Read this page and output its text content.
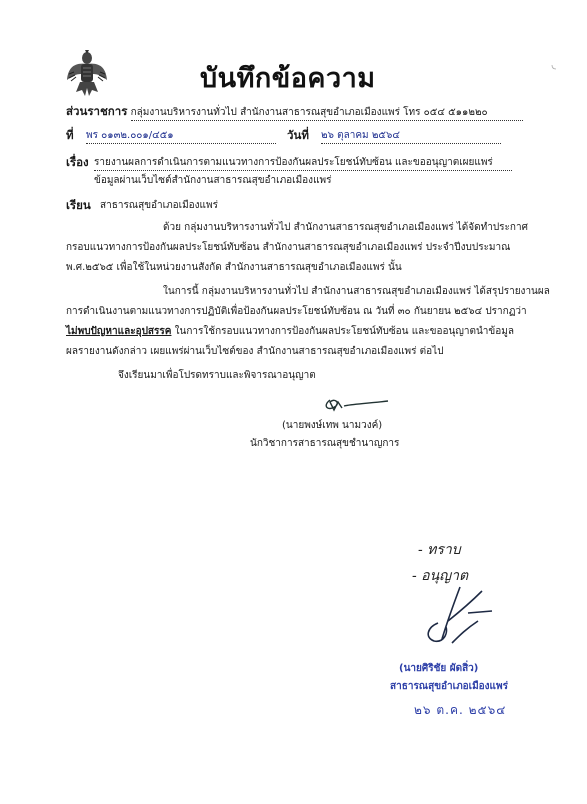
บันทึกข้อความ
ส่วนราชการ กลุ่มงานบริหารงานทั่วไป สำนักงานสาธารณสุขอำเภอเมืองแพร่ โทร ๐๕๔ ๕๑๑๒๒๐
ที่ พร ๐๑๓๒.๐๐๑/๔๕๑	วันที่ ๒๖ ตุลาคม ๒๕๖๔
เรื่อง รายงานผลการดำเนินการตามแนวทางการป้องกันผลประโยชน์ทับซ้อน และขออนุญาตเผยแพร่
ข้อมูลผ่านเว็บไซต์สำนักงานสาธารณสุขอำเภอเมืองแพร่
เรียน สาธารณสุขอำเภอเมืองแพร่
ด้วย กลุ่มงานบริหารงานทั่วไป สำนักงานสาธารณสุขอำเภอเมืองแพร่ ได้จัดทำประกาศ
กรอบแนวทางการป้องกันผลประโยชน์ทับซ้อน สำนักงานสาธารณสุขอำเภอเมืองแพร่ ประจำปีงบประมาณ
พ.ศ.๒๕๖๕ เพื่อใช้ในหน่วยงานสังกัด สำนักงานสาธารณสุขอำเภอเมืองแพร่ นั้น
ในการนี้ กลุ่มงานบริหารงานทั่วไป สำนักงานสาธารณสุขอำเภอเมืองแพร่ ได้สรุปรายงานผล
การดำเนินงานตามแนวทางการปฏิบัติเพื่อป้องกันผลประโยชน์ทับซ้อน ณ วันที่ ๓๐ กันยายน ๒๕๖๔ ปรากฏว่า
ไม่พบปัญหาและอุปสรรค ในการใช้กรอบแนวทางการป้องกันผลประโยชน์ทับซ้อน และขออนุญาตนำข้อมูล
ผลรายงานดังกล่าว เผยแพร่ผ่านเว็บไซต์ของ สำนักงานสาธารณสุขอำเภอเมืองแพร่ ต่อไป
จึงเรียนมาเพื่อโปรดทราบและพิจารณาอนุญาต
(นายพงษ์เทพ นามวงค์)
นักวิชาการสาธารณสุขชำนาญการ
- ทราบ
- อนุญาต
(นายศิริชัย ผัดสิ่ว)
สาธารณสุขอำเภอเมืองแพร่
๒๖ ต.ค. ๒๕๖๔
